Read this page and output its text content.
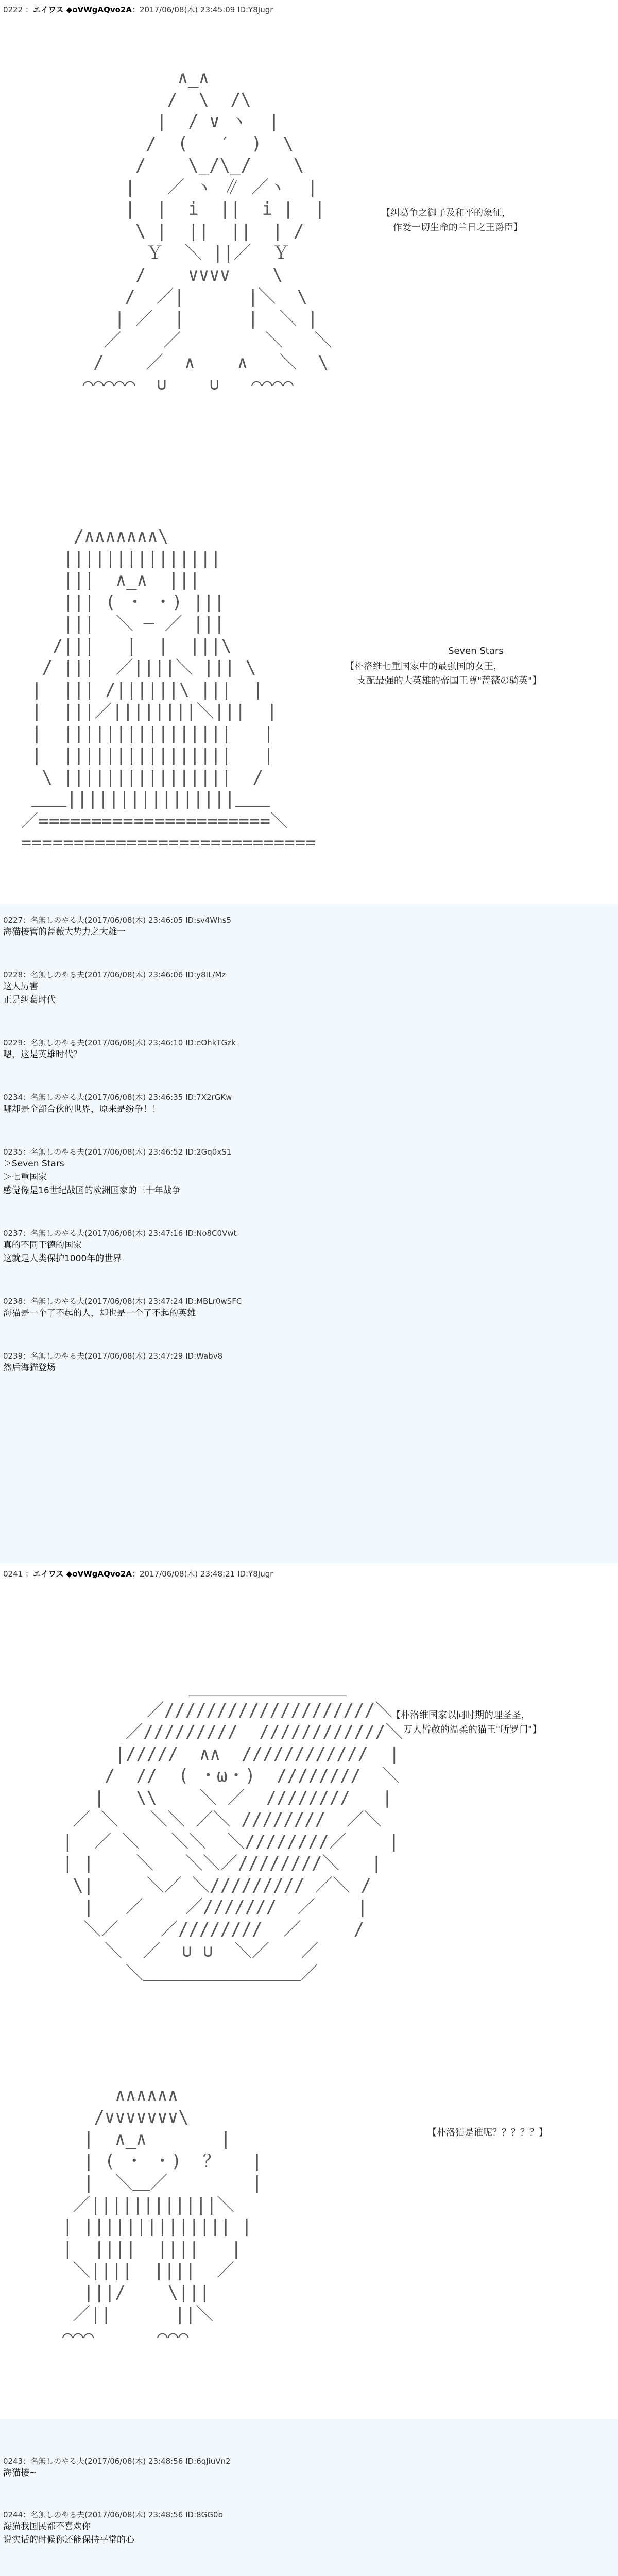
0222 ：エイワス ◆oVWgAQvo2A：2017/06/08(木) 23:45:09 ID:Y8Jugr
∧_∧
/  \  /\
|  / ∨ ヽ  |
/  (   ′  )  \
/    \_/\_/    \
|   ／ ヽ ∥ ／ヽ  |
|  |  i  ||  i |  |
\ |  ||  ||  | /
Ｙ  ＼ ||／  Ｙ
/    ∨∨∨∨    \
/  ／|      |＼  \
| ／  |      |  ＼ |
／    ／        ＼   ＼
/    ／  ∧    ∧   ＼  \
⌒⌒⌒⌒⌒  ∪    ∪   ⌒⌒⌒⌒
【纠葛争之御子及和平的象征，
作爱一切生命的兰日之王爵臣】
/∧∧∧∧∧∧∧\
|||||||||||||||
|||  ∧_∧  |||
||| ( ・ ・) |||
|||  ＼ ─ ／ |||
/|||   |  |  |||\
/ |||  ／||||＼ ||| \
|  ||| /||||||\ |||  |
|  |||／||||||||＼|||  |
|  ||||||||||||||||   |
|  ||||||||||||||||   |
\ ||||||||||||||||  /
＿＿||||||||||||||||＿＿
／======================＼
============================
Seven Stars
【朴洛维七重国家中的最强国的女王，
支配最强的大英雄的帝国王尊"蔷薇の骑英"】
0227：名無しのやる夫(2017/06/08(木) 23:46:05 ID:sv4Whs5
海猫接管的蔷薇大势力之大雄一
0228：名無しのやる夫(2017/06/08(木) 23:46:06 ID:y8IL/Mz
这人厉害
正是纠葛时代
0229：名無しのやる夫(2017/06/08(木) 23:46:10 ID:eOhkTGzk
嗯，这是英雄时代？
0234：名無しのやる夫(2017/06/08(木) 23:46:35 ID:7X2rGKw
哪却是全部合伙的世界，原来是纷争！！
0235：名無しのやる夫(2017/06/08(木) 23:46:52 ID:2Gq0xS1
＞Seven Stars
＞七重国家
感觉像是16世纪战国的欧洲国家的三十年战争
0237：名無しのやる夫(2017/06/08(木) 23:47:16 ID:No8C0Vwt
真的不同于德的国家
这就是人类保护1000年的世界
0238：名無しのやる夫(2017/06/08(木) 23:47:24 ID:MBLr0wSFC
海猫是一个了不起的人，却也是一个了不起的英雄
0239：名無しのやる夫(2017/06/08(木) 23:47:29 ID:Wabv8
然后海猫登场
0241 ：エイワス ◆oVWgAQvo2A：2017/06/08(木) 23:48:21 ID:Y8Jugr
＿＿＿＿＿＿＿＿＿
／////////////////////＼
／/////////  ////////////＼
|/////  ∧∧  ////////////  |
/  //  ( ・ω・)  ////////  ＼
|   \\    ＼ ／  ////////   |
／ ＼   ＼＼ ／＼ ////////  ／＼
|  ／ ＼   ＼＼  ＼////////／    |
| |    ＼   ＼＼／////////＼   |
\|     ＼／ ＼///////// ／＼ /
|   ／    ／///////  ／    |
＼／    ／////////  ／     /
＼  ／  ∪ ∪  ＼／   ／
＼＿＿＿＿＿＿＿＿＿／
【朴洛维国家以同时期的理圣圣，
万人皆敬的温柔的猫王"所罗门"】
∧∧∧∧∧∧
/∨∨∨∨∨∨∨\
|  ∧_∧       |
| ( ・ ・)  ？   |
|  ＼＿／        |
／||||||||||||＼
| |||||||||||||| |
|  ||||  ||||   |
＼||||  ||||  ／
|||/    \|||
／||      ||＼
⌒⌒⌒      ⌒⌒⌒
【朴洛猫是谁呢？？？？？】
0243：名無しのやる夫(2017/06/08(木) 23:48:56 ID:6qJiuVn2
海猫接~
0244：名無しのやる夫(2017/06/08(木) 23:48:56 ID:8GG0b
海猫我国民都不喜欢你
说实话的时候你还能保持平常的心
